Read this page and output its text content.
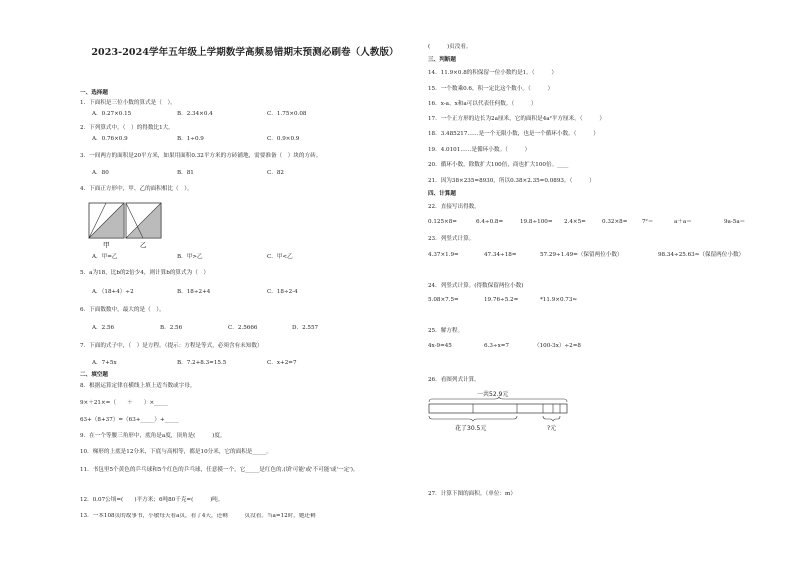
2023-2024学年五年级上学期数学高频易错期末预测必刷卷（人教版）
一、选择题
1．下面积是三位小数的算式是（　）。
A．0.27×0.15	B．2.34×0.4	C．1.75×0.08
2．下列算式中，（　）的得数比1大。
A．0.76×0.9	B．1÷0.9	C．0.9×0.9
3．一间两方的面积是20平方米，如果用面积0.32平方米的方砖铺地，需要准备（　）块的方砖。
A．80	B．81	C．82
4．下面正方形中，甲、乙的面积相比（　）。
甲	乙
A．甲=乙	B．甲>乙	C．甲<乙
5．a为18，比b的2倍少4，则计算b的算式为（　）
A．（18+4）÷2	B．18÷2+4	C．18÷2-4
6．下面数数中，最大的是（　）。
A．2.56	B．2.56	C．2.5666	D．2.557
7．下面的式子中，（　）是方程。（提示：方程是等式，必须含有未知数）
A．7+5x	B．7.2+8.3=15.5	C．x+2=7
二、填空题
8．根据运算定律在横线上填上适当数或字母。
9×＋21×=（　　＋　　）×_____
63+（8+37）=（63+_____）+_____
9．在一个等腰三角形中，底角是a度，顶角是(　　　)度。
10．梯形的上底是12分米，下底与高相等，都是10分米，它的面积是_____。
11．书包里5个黄色的乒乓球和5个红色的乒乓球，任意摸一个，它_____是红色的.(填'可能'或'不可能'或'一定')。
12．0.07公顷=(　　)平方米；6吨80千克=(　　　)吨。
13．一本108页的故事书，小敏每天看a页，看了4天，还剩　　　页没看。当a=12时，她还剩
(　　　)页没看。
三、判断题
14．11.9×0.8的积保留一位小数约是1。（　　　）
15．一个数乘0.6，积一定比这个数小。（　　　）
16．x-a、x和a可以代表任何数。（　　　）
17．一个正方形的边长为2a厘米，它的面积是4a²平方厘米。（　　　）
18．3.485217……是一个无限小数，也是一个循环小数。（　　　）
19．4.0101……是循环小数。（　　　）
20．循环小数，除数扩大100倍，商也扩大100倍。____
21．因为38×235=8930，所以0.38×2.35=0.0893。（　　　）
四、计算题
22．直接写出得数。
0.125×8=	6.4÷0.8=	19.8÷100= 2.4×5=	0.32×8=	7²＝	a＋a＝	9a-5a＝
23．列竖式计算。
4.37×1.9=	47.34÷18=	57.29÷1.49=（保留两位小数）	98.34÷25.63≈（保留两位小数）
24．列竖式计算。(得数保留两位小数)
5.08×7.5=	19.76÷5.2=	*11.9×0.73≈
25．解方程。
4x-9=45	6.3÷x=7	（100-3x）÷2=8
26．看图列式计算。
一共52.9元
花了30.5元	?元
27．计算下图的面积。（单位：m）
